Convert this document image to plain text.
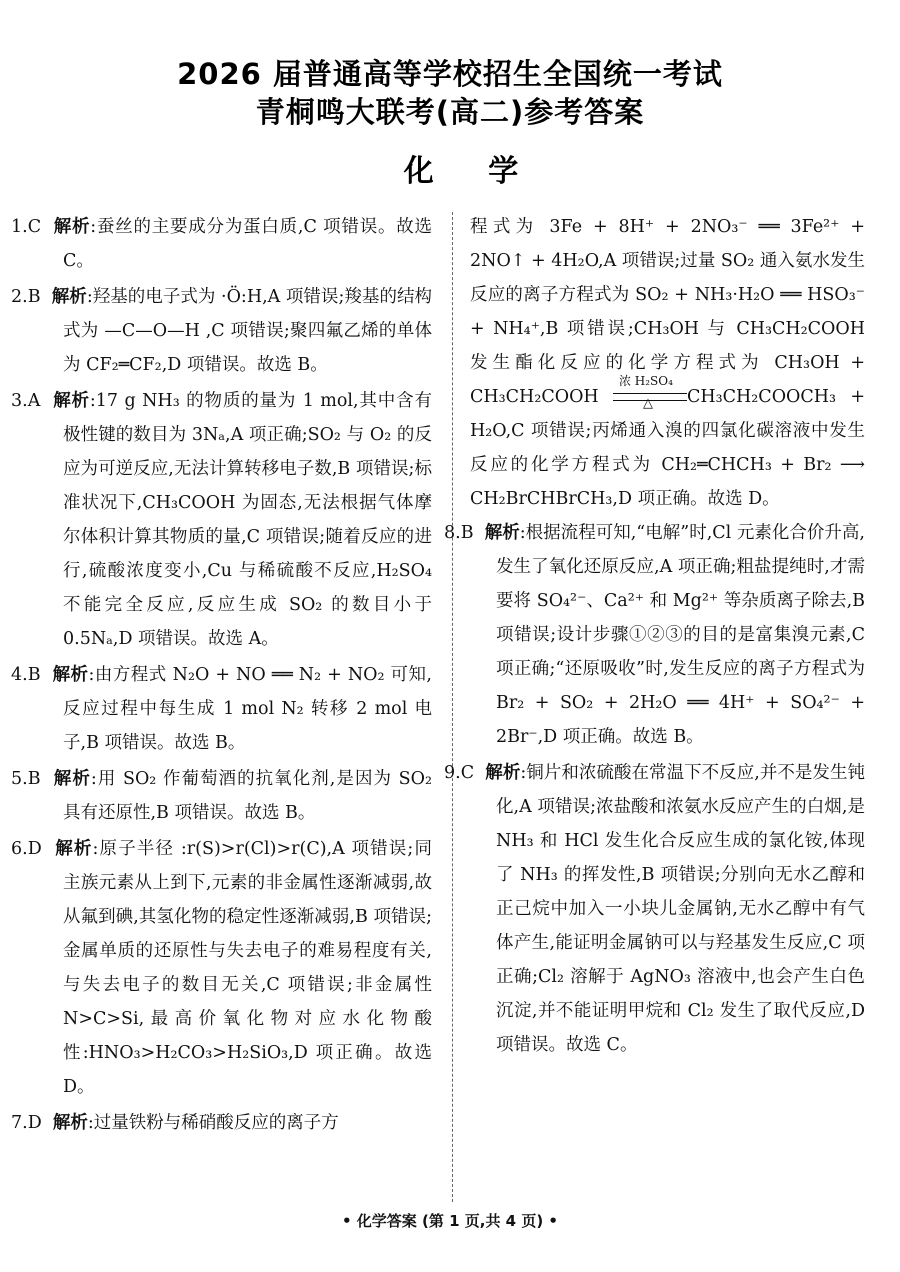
2026 届普通高等学校招生全国统一考试
青桐鸣大联考(高二)参考答案
化 学

1.C 解析:蚕丝的主要成分为蛋白质,C 项错误。故选 C。

2.B 解析:羟基的电子式为 ·Ö:H,A 项错误;羧基的结构式为 —C—O—H ,C 项错误;聚四氟乙烯的单体为 CF₂═CF₂,D 项错误。故选 B。

3.A 解析:17 g NH₃ 的物质的量为 1 mol,其中含有极性键的数目为 3Nₐ,A 项正确;SO₂ 与 O₂ 的反应为可逆反应,无法计算转移电子数,B 项错误;标准状况下,CH₃COOH 为固态,无法根据气体摩尔体积计算其物质的量,C 项错误;随着反应的进行,硫酸浓度变小,Cu 与稀硫酸不反应,H₂SO₄ 不能完全反应,反应生成 SO₂ 的数目小于 0.5Nₐ,D 项错误。故选 A。

4.B 解析:由方程式 N₂O + NO ══ N₂ + NO₂ 可知,反应过程中每生成 1 mol N₂ 转移 2 mol 电子,B 项错误。故选 B。

5.B 解析:用 SO₂ 作葡萄酒的抗氧化剂,是因为 SO₂ 具有还原性,B 项错误。故选 B。

6.D 解析:原子半径 :r(S)>r(Cl)>r(C),A 项错误;同主族元素从上到下,元素的非金属性逐渐减弱,故从氟到碘,其氢化物的稳定性逐渐减弱,B 项错误;金属单质的还原性与失去电子的难易程度有关,与失去电子的数目无关,C 项错误;非金属性 N>C>Si,最高价氧化物对应水化物酸性:HNO₃>H₂CO₃>H₂SiO₃,D 项正确。故选 D。

7.D 解析:过量铁粉与稀硝酸反应的离子方

程式为 3Fe + 8H⁺ + 2NO₃⁻ ══ 3Fe²⁺ + 2NO↑ + 4H₂O,A 项错误;过量 SO₂ 通入氨水发生反应的离子方程式为 SO₂ + NH₃·H₂O ══ HSO₃⁻ + NH₄⁺,B 项错误;CH₃OH 与 CH₃CH₂COOH 发生酯化反应的化学方程式为 CH₃OH + CH₃CH₂COOH
浓 H₂SO₄
△ CH₃CH₂COOCH₃ + H₂O,C 项错误;丙烯通入溴的四氯化碳溶液中发生反应的化学方程式为 CH₂═CHCH₃ + Br₂ ⟶ CH₂BrCHBrCH₃,D 项正确。故选 D。

8.B 解析:根据流程可知,“电解”时,Cl 元素化合价升高,发生了氧化还原反应,A 项正确;粗盐提纯时,才需要将 SO₄²⁻、Ca²⁺ 和 Mg²⁺ 等杂质离子除去,B 项错误;设计步骤①②③的目的是富集溴元素,C 项正确;“还原吸收”时,发生反应的离子方程式为 Br₂ + SO₂ + 2H₂O ══ 4H⁺ + SO₄²⁻ + 2Br⁻,D 项正确。故选 B。

9.C 解析:铜片和浓硫酸在常温下不反应,并不是发生钝化,A 项错误;浓盐酸和浓氨水反应产生的白烟,是 NH₃ 和 HCl 发生化合反应生成的氯化铵,体现了 NH₃ 的挥发性,B 项错误;分别向无水乙醇和正己烷中加入一小块儿金属钠,无水乙醇中有气体产生,能证明金属钠可以与羟基发生反应,C 项正确;Cl₂ 溶解于 AgNO₃ 溶液中,也会产生白色沉淀,并不能证明甲烷和 Cl₂ 发生了取代反应,D 项错误。故选 C。

• 化学答案 (第 1 页,共 4 页) •
